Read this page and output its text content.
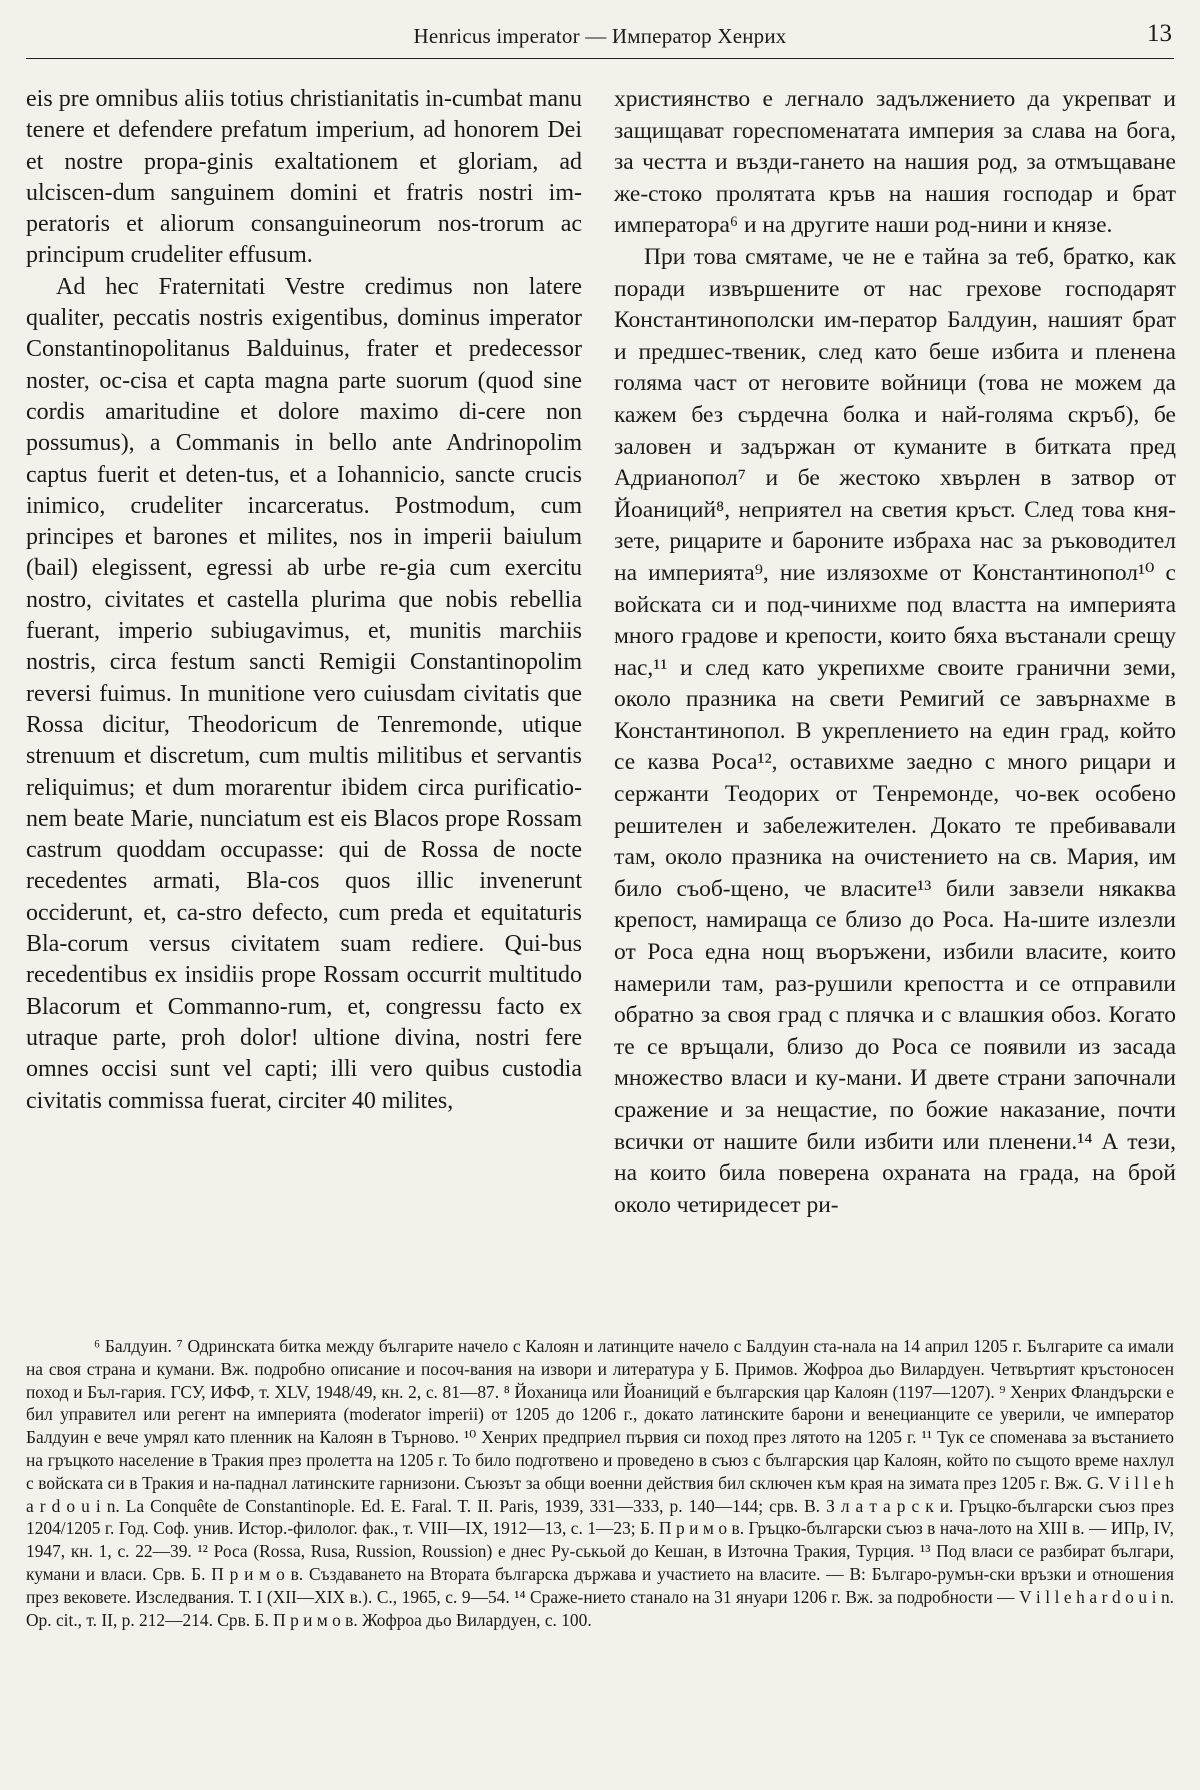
Henricus imperator — Император Хенрих	13

eis pre omnibus aliis totius christianitatis in-cumbat manu tenere et defendere prefatum imperium, ad honorem Dei et nostre propa-ginis exaltationem et gloriam, ad ulciscen-dum sanguinem domini et fratris nostri im-peratoris et aliorum consanguineorum nos-trorum ac principum crudeliter effusum.

Ad hec Fraternitati Vestre credimus non latere qualiter, peccatis nostris exigentibus, dominus imperator Constantinopolitanus Balduinus, frater et predecessor noster, oc-cisa et capta magna parte suorum (quod sine cordis amaritudine et dolore maximo di-cere non possumus), a Commanis in bello ante Andrinopolim captus fuerit et deten-tus, et a Iohannicio, sancte crucis inimico, crudeliter incarceratus. Postmodum, cum principes et barones et milites, nos in imperii baiulum (bail) elegissent, egressi ab urbe re-gia cum exercitu nostro, civitates et castella plurima que nobis rebellia fuerant, imperio subiugavimus, et, munitis marchiis nostris, circa festum sancti Remigii Constantinopolim reversi fuimus. In munitione vero cuiusdam civitatis que Rossa dicitur, Theodoricum de Tenremonde, utique strenuum et discretum, cum multis militibus et servantis reliquimus; et dum morarentur ibidem circa purificatio-nem beate Marie, nunciatum est eis Blacos prope Rossam castrum quoddam occupasse: qui de Rossa de nocte recedentes armati, Bla-cos quos illic invenerunt occiderunt, et, ca-stro defecto, cum preda et equitaturis Bla-corum versus civitatem suam rediere. Qui-bus recedentibus ex insidiis prope Rossam occurrit multitudo Blacorum et Commanno-rum, et, congressu facto ex utraque parte, proh dolor! ultione divina, nostri fere omnes occisi sunt vel capti; illi vero quibus custodia civitatis commissa fuerat, circiter 40 milites,

християнство е легнало задължението да укрепват и защищават гореспоменатата империя за слава на бога, за честта и възди-гането на нашия род, за отмъщаване же-стоко пролятата кръв на нашия господар и брат императора⁶ и на другите наши род-нини и князе.

При това смятаме, че не е тайна за теб, братко, как поради извършените от нас грехове господарят Константинополски им-ператор Балдуин, нашият брат и предшес-твеник, след като беше избита и пленена голяма част от неговите войници (това не можем да кажем без сърдечна болка и най-голяма скръб), бе заловен и задържан от куманите в битката пред Адрианопол⁷ и бе жестоко хвърлен в затвор от Йоаниций⁸, неприятел на светия кръст. След това кня-зете, рицарите и бароните избраха нас за ръководител на империята⁹, ние излязохме от Константинопол¹⁰ с войската си и под-чинихме под властта на империята много градове и крепости, които бяха въстанали срещу нас,¹¹ и след като укрепихме своите гранични земи, около празника на свети Ремигий се завърнахме в Константинопол. В укреплението на един град, който се казва Роса¹², оставихме заедно с много рицари и сержанти Теодорих от Тенремонде, чо-век особено решителен и забележителен. Докато те пребивавали там, около празника на очистението на св. Мария, им било съоб-щено, че власите¹³ били завзели някаква крепост, намираща се близо до Роса. На-шите излезли от Роса една нощ въоръжени, избили власите, които намерили там, раз-рушили крепостта и се отправили обратно за своя град с плячка и с влашкия обоз. Когато те се връщали, близо до Роса се появили из засада множество власи и ку-мани. И двете страни започнали сражение и за нещастие, по божие наказание, почти всички от нашите били избити или пленени.¹⁴ А тези, на които била поверена охраната на града, на брой около четиридесет ри-

⁶ Балдуин. ⁷ Одринската битка между българите начело с Калоян и латинците начело с Балдуин ста-нала на 14 април 1205 г. Българите са имали на своя страна и кумани. Вж. подробно описание и посоч-вания на извори и литература у Б. Примов. Жофроа дьо Вилардуен. Четвъртият кръстоносен поход и Бъл-гария. ГСУ, ИФФ, т. XLV, 1948/49, кн. 2, с. 81—87. ⁸ Йоханица или Йоаниций е българския цар Калоян (1197—1207). ⁹ Хенрих Фландърски е бил управител или регент на империята (moderator imperii) от 1205 до 1206 г., докато латинските барони и венецианците се уверили, че император Балдуин е вече умрял като пленник на Калоян в Търново. ¹⁰ Хенрих предприел първия си поход през лятото на 1205 г. ¹¹ Тук се споменава за въстанието на гръцкото население в Тракия през пролетта на 1205 г. То било подготвено и проведено в съюз с българския цар Калоян, който по същото време нахлул с войската си в Тракия и на-паднал латинските гарнизони. Съюзът за общи военни действия бил сключен към края на зимата през 1205 г. Вж. G. V i l l e h a r d o u i n. La Conquête de Constantinople. Ed. E. Faral. T. II. Paris, 1939, 331—333, p. 140—144; срв. В. З л а т а р с к и. Гръцко-български съюз през 1204/1205 г. Год. Соф. унив. Истор.-филолог. фак., т. VIII—IX, 1912—13, с. 1—23; Б. П р и м о в. Гръцко-български съюз в нача-лото на XIII в. — ИПр, IV, 1947, кн. 1, с. 22—39. ¹² Роса (Rossa, Rusa, Russion, Roussion) е днес Ру-ськьой до Кешан, в Източна Тракия, Турция. ¹³ Под власи се разбират българи, кумани и власи. Срв. Б. П р и м о в. Създаването на Втората българска държава и участието на власите. — В: Българо-румън-ски връзки и отношения през вековете. Изследвания. Т. I (XII—XIX в.). С., 1965, с. 9—54. ¹⁴ Сраже-нието станало на 31 януари 1206 г. Вж. за подробности — V i l l e h a r d o u i n. Op. cit., т. II, p. 212—214. Срв. Б. П р и м о в. Жофроа дьо Вилардуен, с. 100.
